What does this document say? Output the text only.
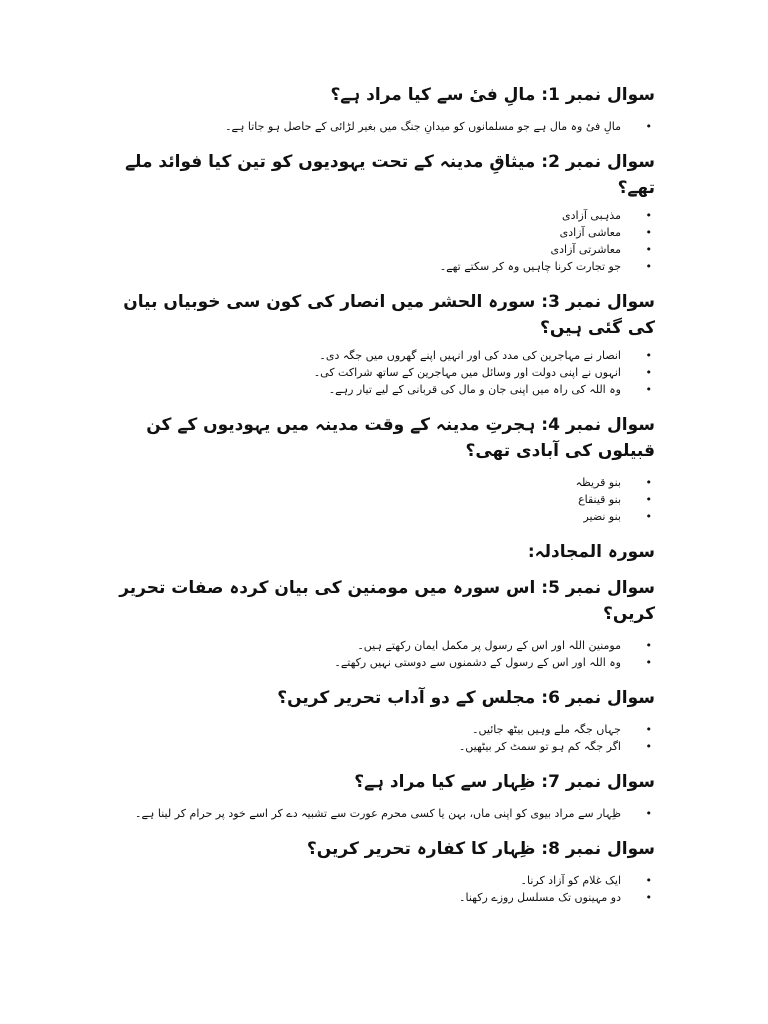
سوال نمبر 1: مالِ فیٔ سے کیا مراد ہے؟
•
مالِ فیٔ وہ مال ہے جو مسلمانوں کو میدانِ جنگ میں بغیر لڑائی کے حاصل ہو جاتا ہے۔
سوال نمبر 2: میثاقِ مدینہ کے تحت یہودیوں کو تین کیا فوائد ملے تھے؟
•
مذہبی آزادی
•
معاشی آزادی
•
معاشرتی آزادی
•
جو تجارت کرنا چاہیں وہ کر سکتے تھے۔
سوال نمبر 3: سورہ الحشر میں انصار کی کون سی خوبیاں بیان کی گئی ہیں؟
•
انصار نے مہاجرین کی مدد کی اور انہیں اپنے گھروں میں جگہ دی۔
•
انہوں نے اپنی دولت اور وسائل میں مہاجرین کے ساتھ شراکت کی۔
•
وہ اللہ کی راہ میں اپنی جان و مال کی قربانی کے لیے تیار رہے۔
سوال نمبر 4: ہجرتِ مدینہ کے وقت مدینہ میں یہودیوں کے کن قبیلوں کی آبادی تھی؟
•
بنو قریظہ
•
بنو قینقاع
•
بنو نضیر
سورہ المجادلہ:
سوال نمبر 5: اس سورہ میں مومنین کی بیان کردہ صفات تحریر کریں؟
•
مومنین اللہ اور اس کے رسول پر مکمل ایمان رکھتے ہیں۔
•
وہ اللہ اور اس کے رسول کے دشمنوں سے دوستی نہیں رکھتے۔
سوال نمبر 6: مجلس کے دو آداب تحریر کریں؟
•
جہاں جگہ ملے وہیں بیٹھ جائیں۔
•
اگر جگہ کم ہو تو سمٹ کر بیٹھیں۔
سوال نمبر 7: ظِہار سے کیا مراد ہے؟
•
ظِہار سے مراد بیوی کو اپنی ماں، بہن یا کسی محرم عورت سے تشبیہ دے کر اسے خود پر حرام کر لینا ہے۔
سوال نمبر 8: ظِہار کا کفارہ تحریر کریں؟
•
ایک غلام کو آزاد کرنا۔
•
دو مہینوں تک مسلسل روزے رکھنا۔
